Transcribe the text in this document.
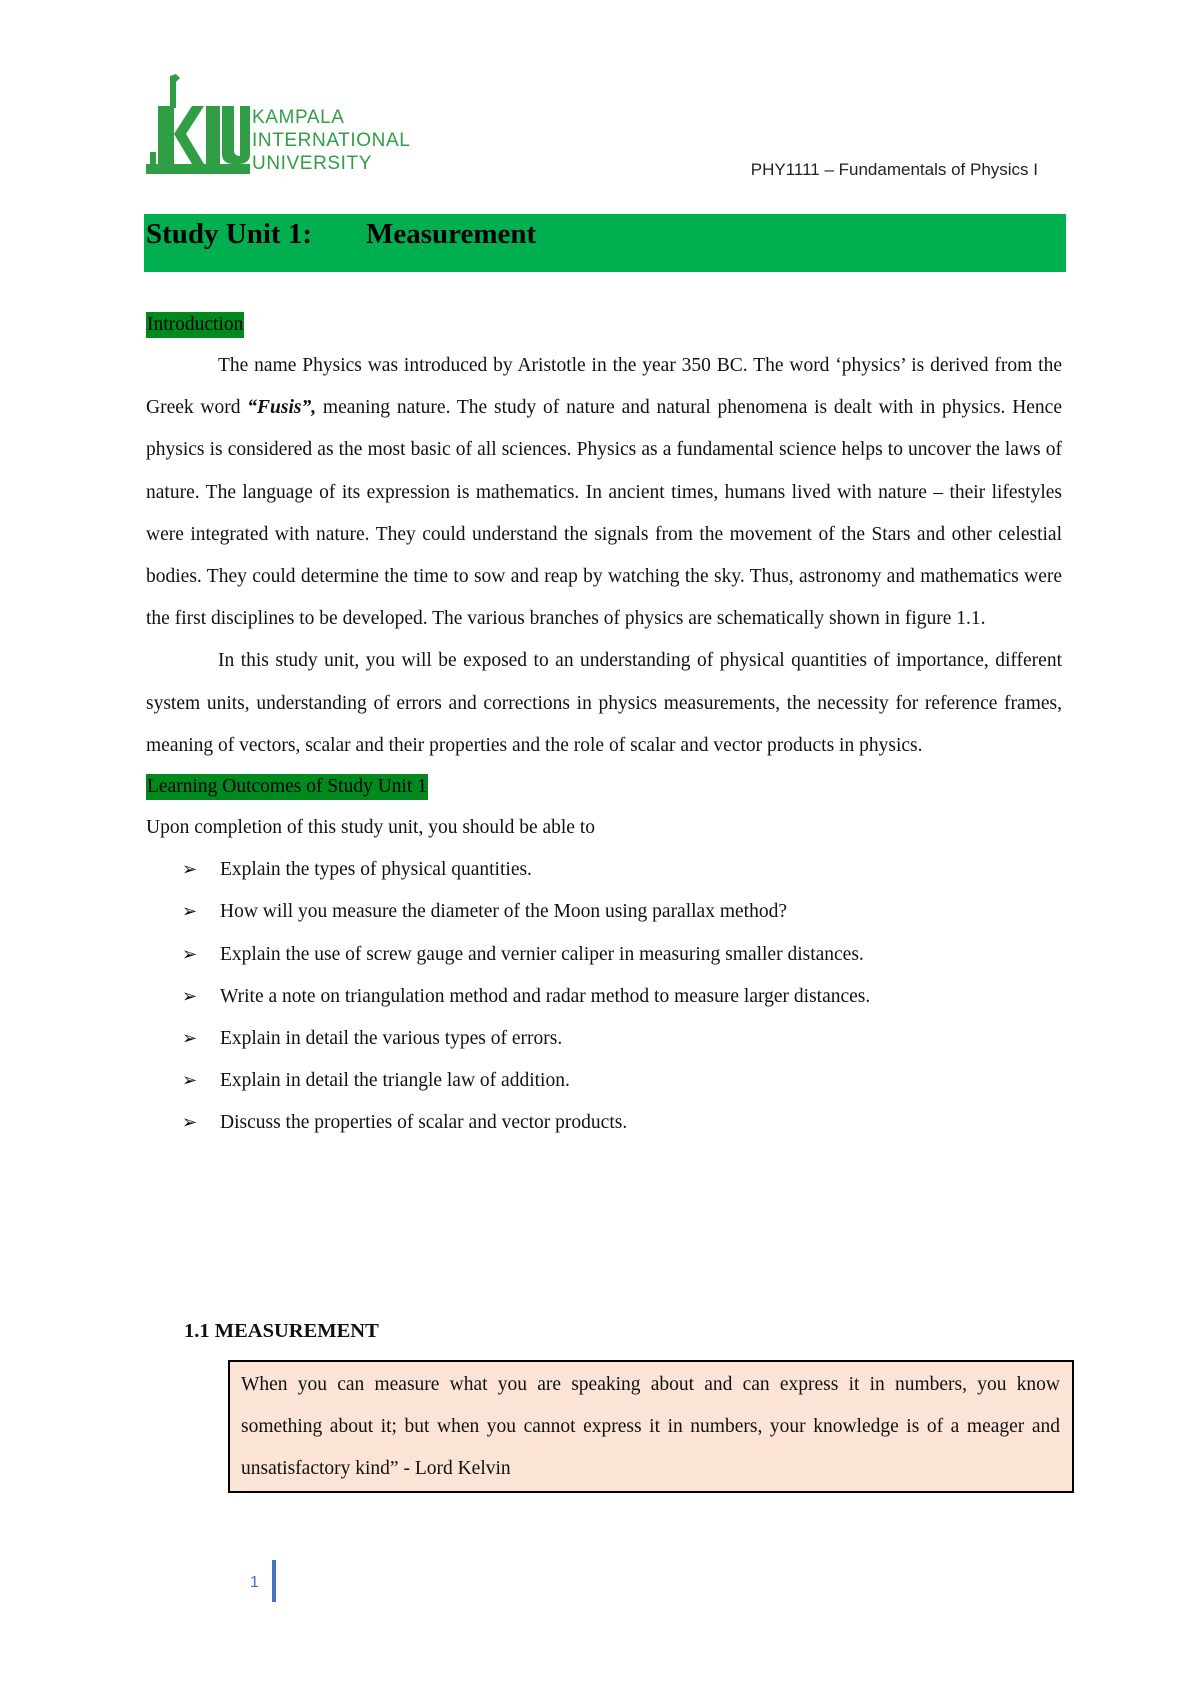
KAMPALA
INTERNATIONAL
UNIVERSITY	PHY1111 – Fundamentals of Physics I
Study Unit 1: Measurement
Introduction

The name Physics was introduced by Aristotle in the year 350 BC. The word ‘physics’ is derived from the Greek word “Fusis”, meaning nature. The study of nature and natural phenomena is dealt with in physics. Hence physics is considered as the most basic of all sciences. Physics as a fundamental science helps to uncover the laws of nature. The language of its expression is mathematics. In ancient times, humans lived with nature – their lifestyles were integrated with nature. They could understand the signals from the movement of the Stars and other celestial bodies. They could determine the time to sow and reap by watching the sky. Thus, astronomy and mathematics were the first disciplines to be developed. The various branches of physics are schematically shown in figure 1.1.

In this study unit, you will be exposed to an understanding of physical quantities of importance, different system units, understanding of errors and corrections in physics measurements, the necessity for reference frames, meaning of vectors, scalar and their properties and the role of scalar and vector products in physics.

Learning Outcomes of Study Unit 1
Upon completion of this study unit, you should be able to
➢ Explain the types of physical quantities.
➢ How will you measure the diameter of the Moon using parallax method?
➢ Explain the use of screw gauge and vernier caliper in measuring smaller distances.
➢ Write a note on triangulation method and radar method to measure larger distances.
➢ Explain in detail the various types of errors.
➢ Explain in detail the triangle law of addition.
➢ Discuss the properties of scalar and vector products.
1.1 MEASUREMENT
When you can measure what you are speaking about and can express it in numbers, you know something about it; but when you cannot express it in numbers, your knowledge is of a meager and unsatisfactory kind” - Lord Kelvin
1
